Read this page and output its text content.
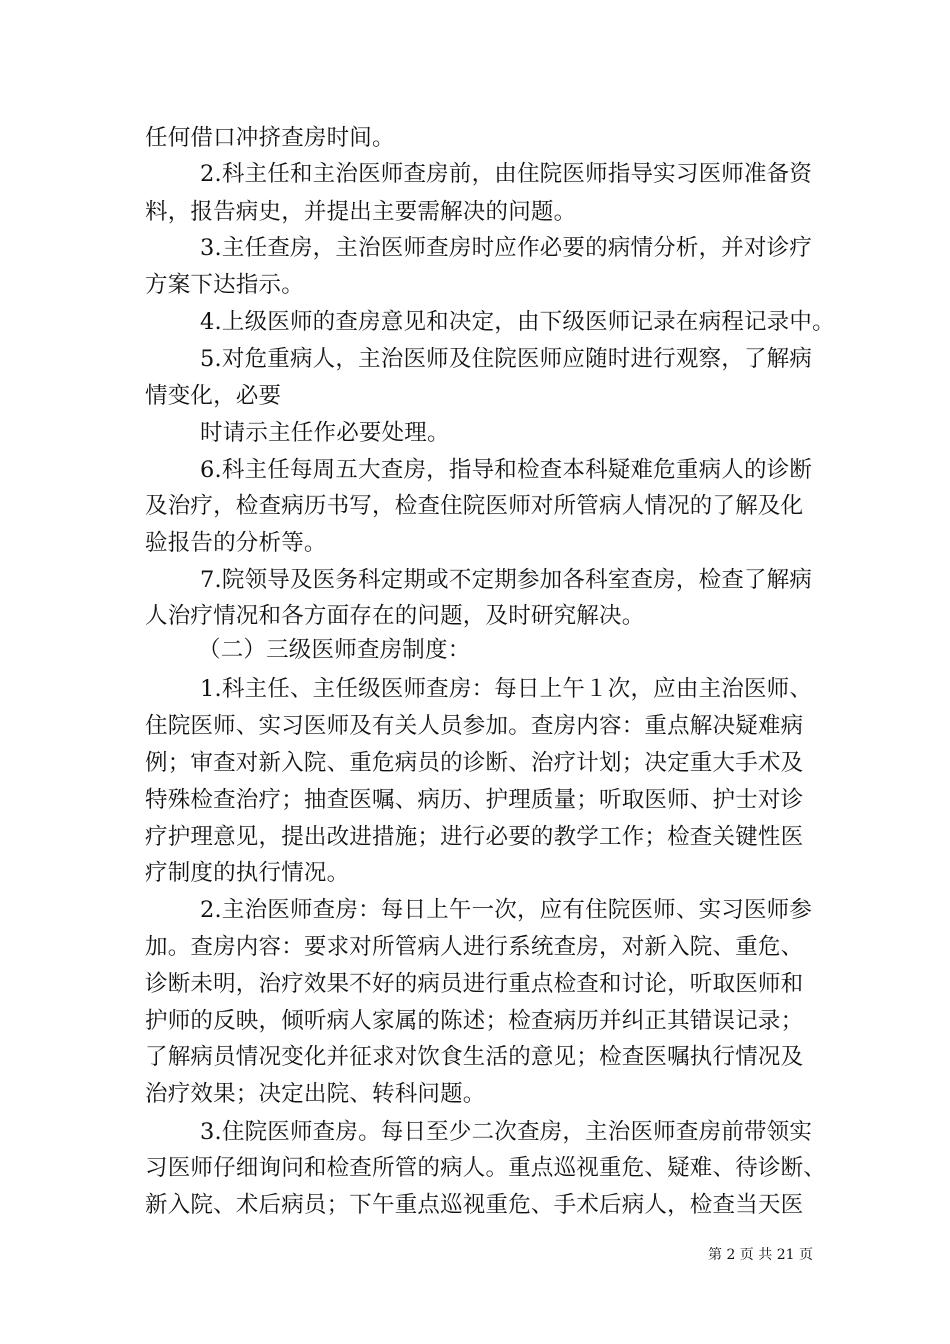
任何借口冲挤查房时间。
2.科主任和主治医师查房前，由住院医师指导实习医师准备资
料，报告病史，并提出主要需解决的问题。
3.主任查房，主治医师查房时应作必要的病情分析，并对诊疗
方案下达指示。
4.上级医师的查房意见和决定，由下级医师记录在病程记录中。
5.对危重病人，主治医师及住院医师应随时进行观察，了解病
情变化，必要
时请示主任作必要处理。
6.科主任每周五大查房，指导和检查本科疑难危重病人的诊断
及治疗，检查病历书写，检查住院医师对所管病人情况的了解及化
验报告的分析等。
7.院领导及医务科定期或不定期参加各科室查房，检查了解病
人治疗情况和各方面存在的问题，及时研究解决。
（二）三级医师查房制度：
1.科主任、主任级医师查房：每日上午１次，应由主治医师、
住院医师、实习医师及有关人员参加。查房内容：重点解决疑难病
例；审查对新入院、重危病员的诊断、治疗计划；决定重大手术及
特殊检查治疗；抽查医嘱、病历、护理质量；听取医师、护士对诊
疗护理意见，提出改进措施；进行必要的教学工作；检查关键性医
疗制度的执行情况。
2.主治医师查房：每日上午一次，应有住院医师、实习医师参
加。查房内容：要求对所管病人进行系统查房，对新入院、重危、
诊断未明，治疗效果不好的病员进行重点检查和讨论，听取医师和
护师的反映，倾听病人家属的陈述；检查病历并纠正其错误记录；
了解病员情况变化并征求对饮食生活的意见；检查医嘱执行情况及
治疗效果；决定出院、转科问题。
3.住院医师查房。每日至少二次查房，主治医师查房前带领实
习医师仔细询问和检查所管的病人。重点巡视重危、疑难、待诊断、
新入院、术后病员；下午重点巡视重危、手术后病人，检查当天医
第 2 页 共 21 页
